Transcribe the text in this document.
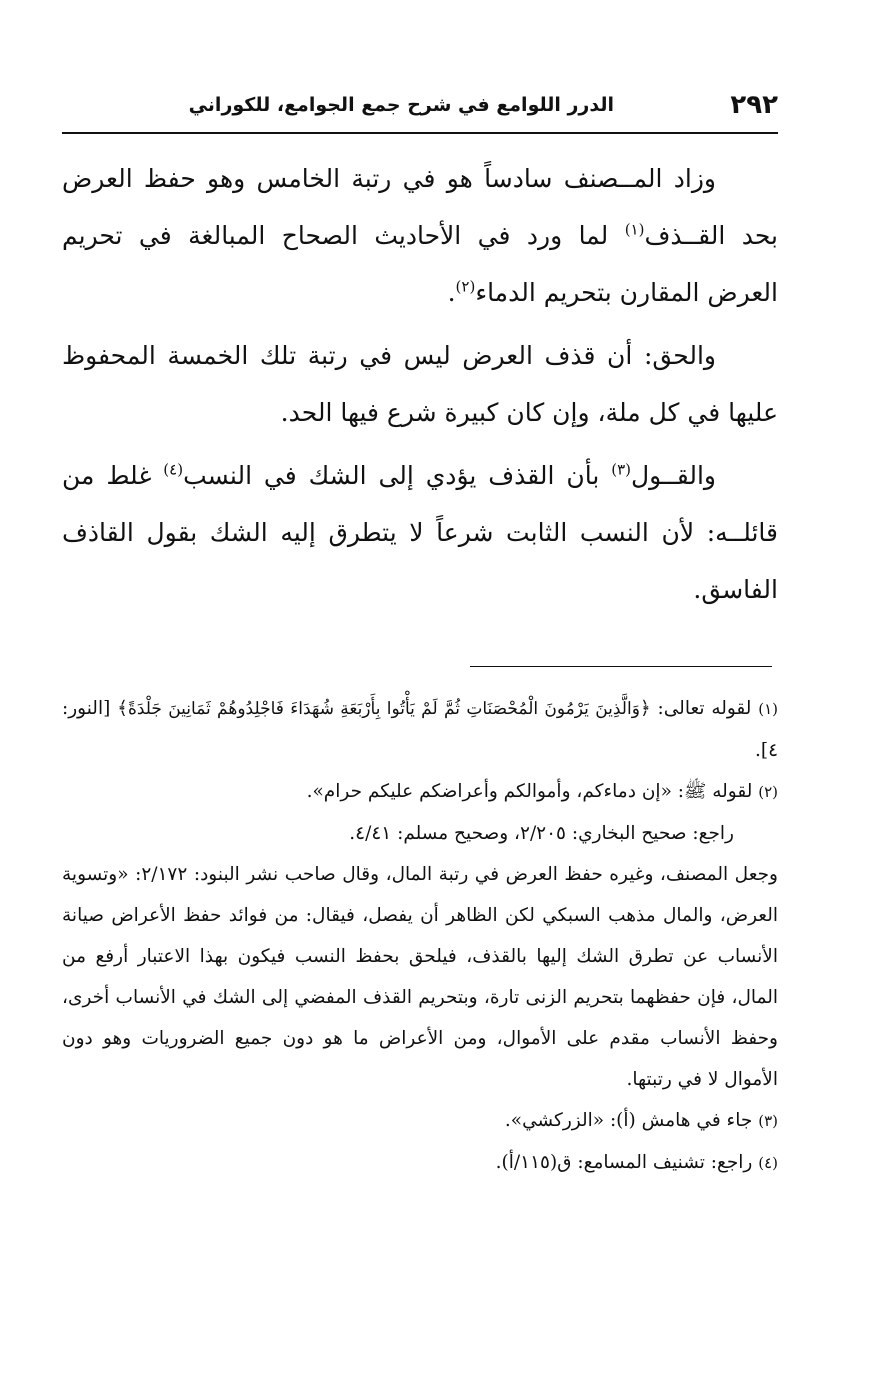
٢٩٢
الدرر اللوامع في شرح جمع الجوامع، للكوراني

وزاد المــصنف سادساً هو في رتبة الخامس وهو حفظ العرض بحد القــذف$^{(١)}$ لما ورد في الأحاديث الصحاح المبالغة في تحريم العرض المقارن بتحريم الدماء$^{(٢)}$.

والحق: أن قذف العرض ليس في رتبة تلك الخمسة المحفوظ عليها في كل ملة، وإن كان كبيرة شرع فيها الحد.

والقــول$^{(٣)}$ بأن القذف يؤدي إلى الشك في النسب$^{(٤)}$ غلط من قائلــه: لأن النسب الثابت شرعاً لا يتطرق إليه الشك بقول القاذف الفاسق.

(١) لقوله تعالى: ﴿وَالَّذِينَ يَرْمُونَ الْمُحْصَنَاتِ ثُمَّ لَمْ يَأْتُوا بِأَرْبَعَةِ شُهَدَاءَ فَاجْلِدُوهُمْ ثَمَانِينَ جَلْدَةً﴾ [النور: ٤].

(٢) لقوله ﷺ: «إن دماءكم، وأموالكم وأعراضكم عليكم حرام».

راجع: صحيح البخاري: ٢/٢٠٥، وصحيح مسلم: ٤/٤١.

وجعل المصنف، وغيره حفظ العرض في رتبة المال، وقال صاحب نشر البنود: ٢/١٧٢: «وتسوية العرض، والمال مذهب السبكي لكن الظاهر أن يفصل، فيقال: من فوائد حفظ الأعراض صيانة الأنساب عن تطرق الشك إليها بالقذف، فيلحق بحفظ النسب فيكون بهذا الاعتبار أرفع من المال، فإن حفظهما بتحريم الزنى تارة، وبتحريم القذف المفضي إلى الشك في الأنساب أخرى، وحفظ الأنساب مقدم على الأموال، ومن الأعراض ما هو دون جميع الضروريات وهو دون الأموال لا في رتبتها.

(٣) جاء في هامش (أ): «الزركشي».

(٤) راجع: تشنيف المسامع: ق(١١٥/أ).
